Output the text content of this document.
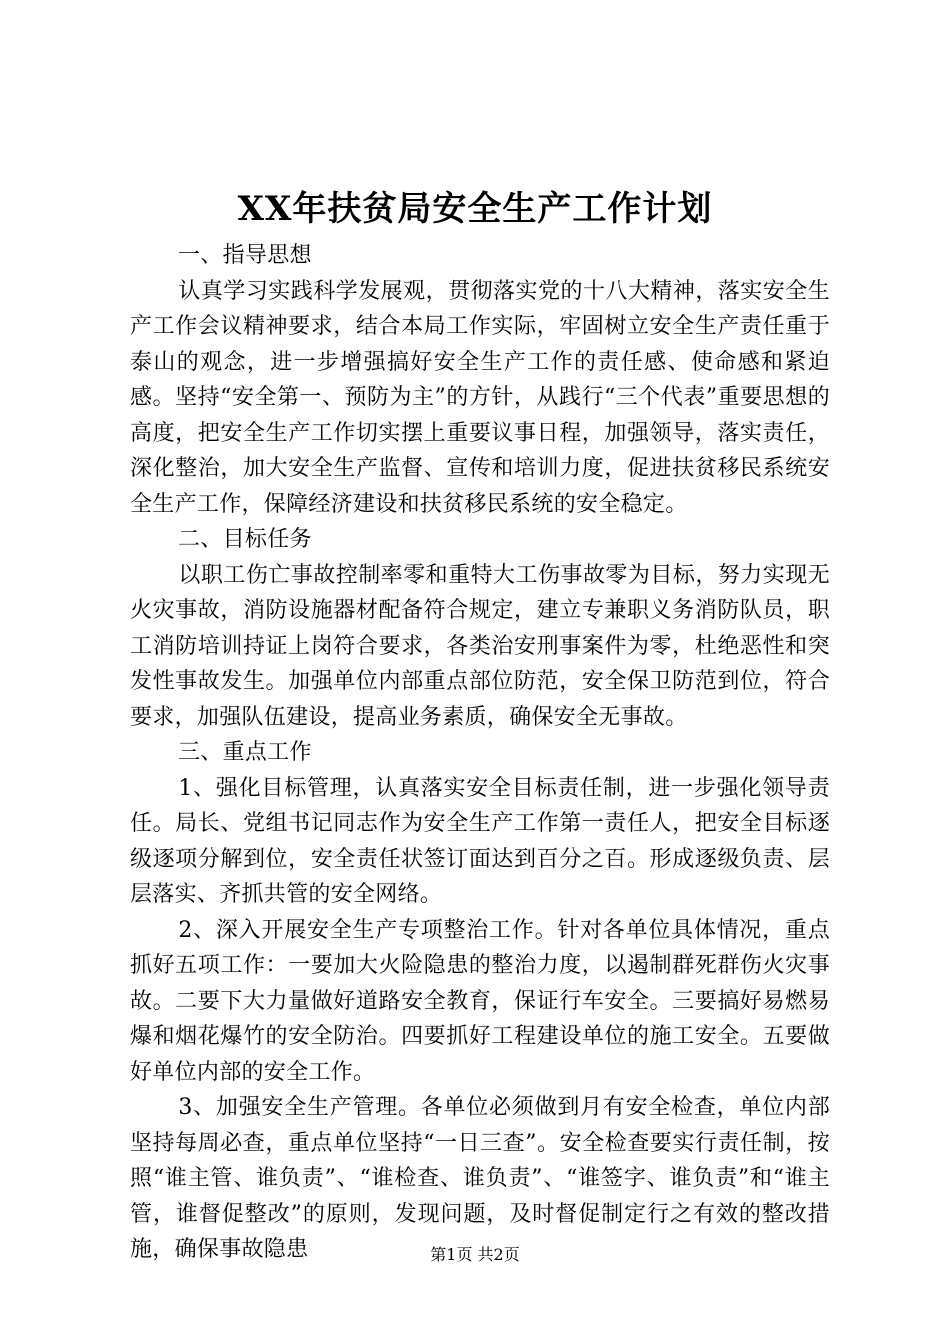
XX年扶贫局安全生产工作计划

一、指导思想

认真学习实践科学发展观，贯彻落实党的十八大精神，落实安全生产工作会议精神要求，结合本局工作实际，牢固树立安全生产责任重于泰山的观念，进一步增强搞好安全生产工作的责任感、使命感和紧迫感。坚持“安全第一、预防为主”的方针，从践行“三个代表”重要思想的高度，把安全生产工作切实摆上重要议事日程，加强领导，落实责任，深化整治，加大安全生产监督、宣传和培训力度，促进扶贫移民系统安全生产工作，保障经济建设和扶贫移民系统的安全稳定。

二、目标任务

以职工伤亡事故控制率零和重特大工伤事故零为目标，努力实现无火灾事故，消防设施器材配备符合规定，建立专兼职义务消防队员，职工消防培训持证上岗符合要求，各类治安刑事案件为零，杜绝恶性和突发性事故发生。加强单位内部重点部位防范，安全保卫防范到位，符合要求，加强队伍建设，提高业务素质，确保安全无事故。

三、重点工作

1、强化目标管理，认真落实安全目标责任制，进一步强化领导责任。局长、党组书记同志作为安全生产工作第一责任人，把安全目标逐级逐项分解到位，安全责任状签订面达到百分之百。形成逐级负责、层层落实、齐抓共管的安全网络。

2、深入开展安全生产专项整治工作。针对各单位具体情况，重点抓好五项工作：一要加大火险隐患的整治力度，以遏制群死群伤火灾事故。二要下大力量做好道路安全教育，保证行车安全。三要搞好易燃易爆和烟花爆竹的安全防治。四要抓好工程建设单位的施工安全。五要做好单位内部的安全工作。

3、加强安全生产管理。各单位必须做到月有安全检查，单位内部坚持每周必查，重点单位坚持“一日三查”。安全检查要实行责任制，按照“谁主管、谁负责”、“谁检查、谁负责”、“谁签字、谁负责”和“谁主管，谁督促整改”的原则，发现问题，及时督促制定行之有效的整改措施，确保事故隐患	第1页 共2页
